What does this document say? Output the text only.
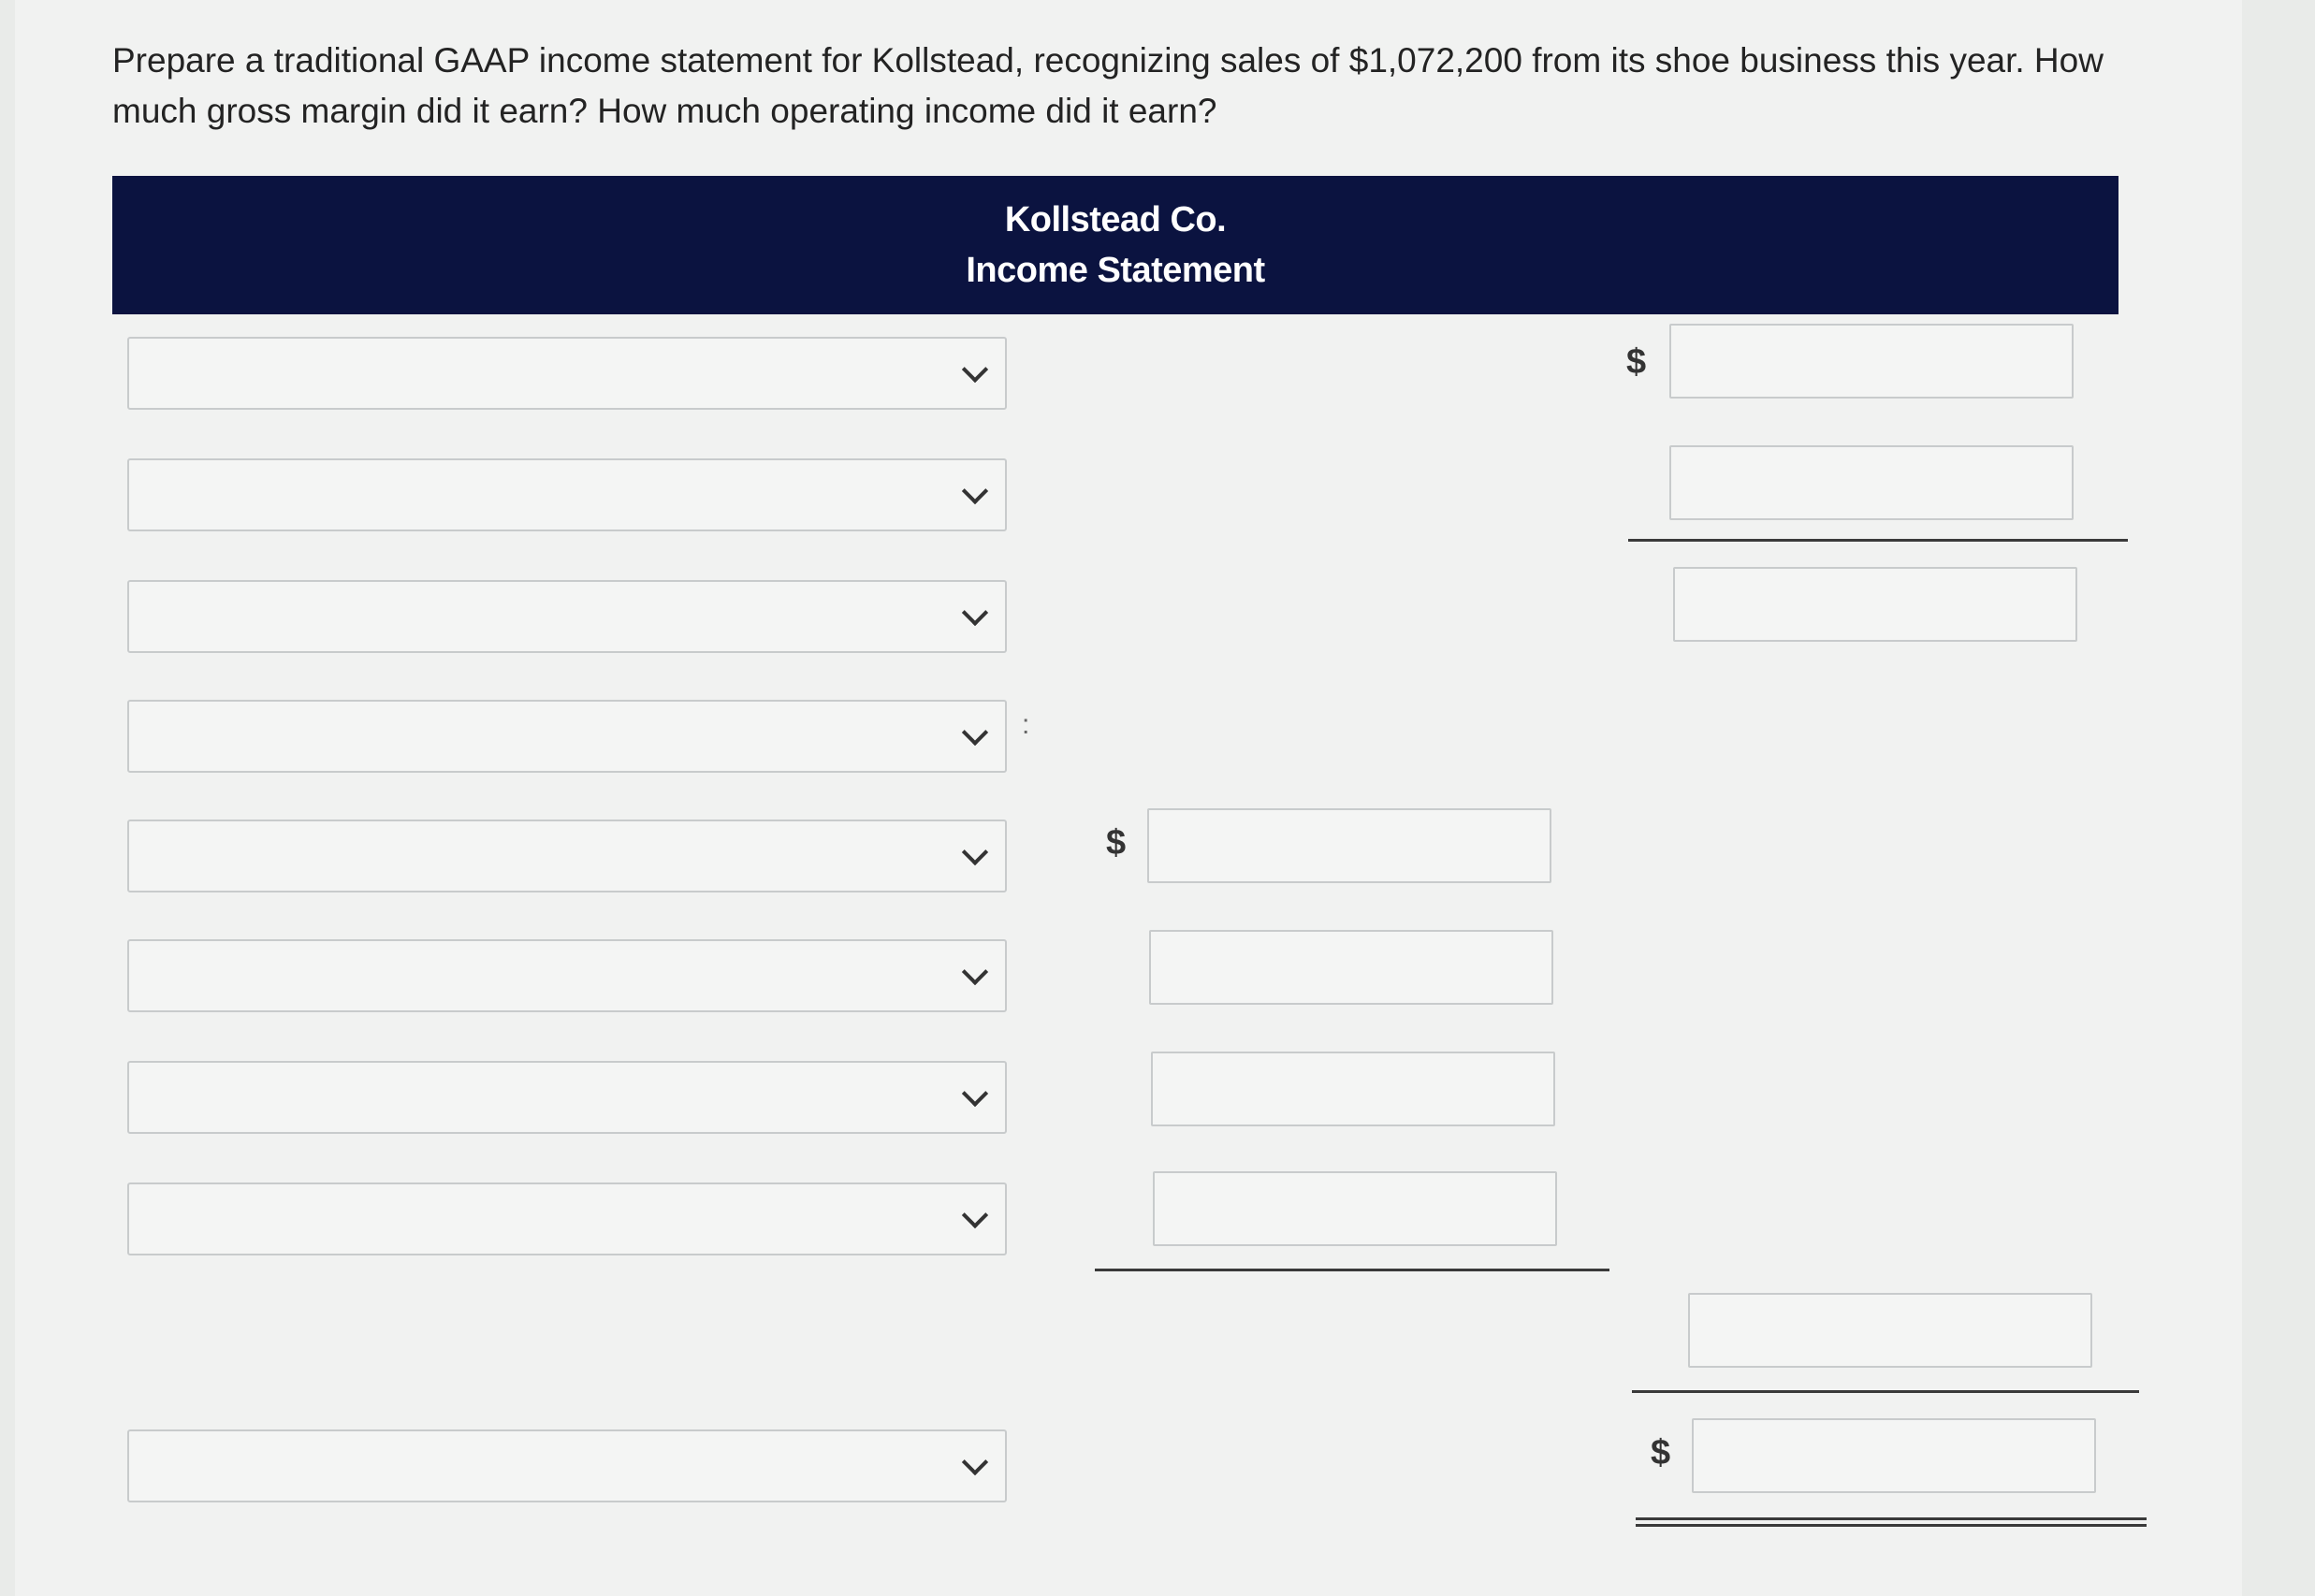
Prepare a traditional GAAP income statement for Kollstead, recognizing sales of $1,072,200 from its shoe business this year. How much gross margin did it earn? How much operating income did it earn?
Kollstead Co.
Income Statement
$
:
$
$
